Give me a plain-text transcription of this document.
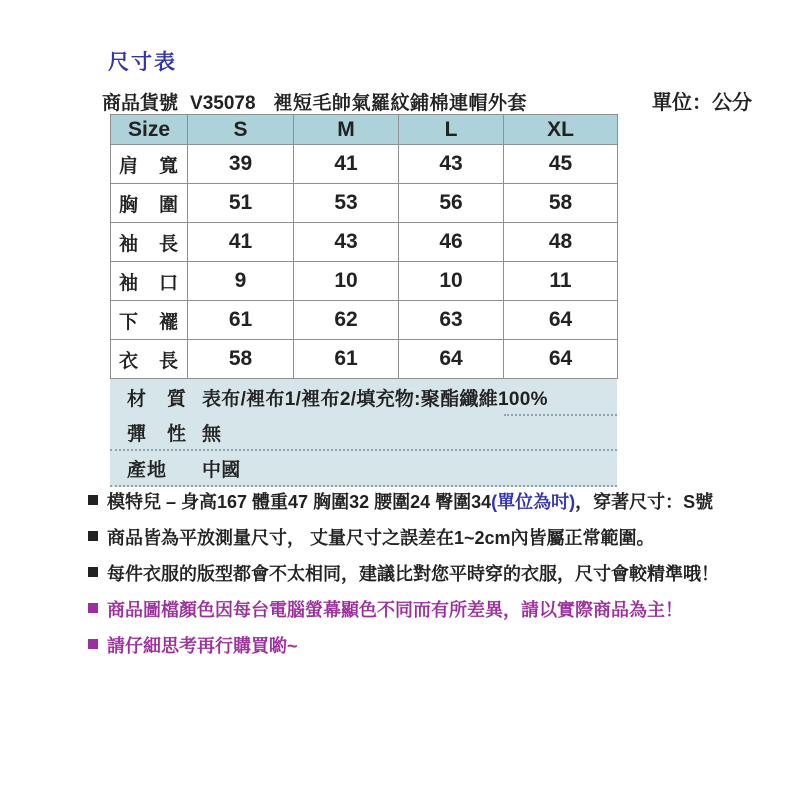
尺寸表
商品貨號 V35078 裡短毛帥氣羅紋鋪棉連帽外套	單位：公分
Size	S	M	L	XL
肩　寬	39	41	43	45
胸　圍	51	53	56	58
袖　長	41	43	46	48
袖　口	9	10	10	11
下　襬	61	62	63	64
衣　長	58	61	64	64
材　質 表布/裡布1/裡布2/填充物:聚酯纖維100%
彈　性 無
產地	中國
模特兒 – 身高167 體重47 胸圍32 腰圍24 臀圍34 (單位為吋) ，穿著尺寸：S號
商品皆為平放測量尺寸， 丈量尺寸之誤差在1~2cm內皆屬正常範圍。
每件衣服的版型都會不太相同，建議比對您平時穿的衣服，尺寸會較精準哦！
商品圖檔顏色因每台電腦螢幕顯色不同而有所差異，請以實際商品為主！
請仔細思考再行購買喲~
